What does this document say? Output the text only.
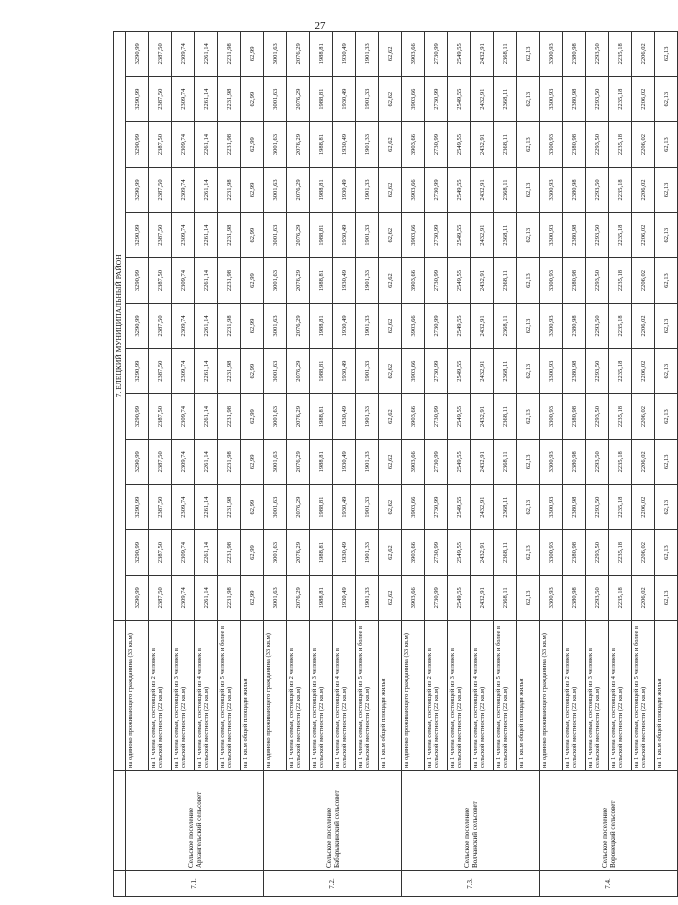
27
			7. ЕЛЕЦКИЙ МУНИЦИПАЛЬНЫЙ РАЙОН												
7.1.	Сельское поселение Архангельский сельсовет	на одиноко проживающего гражданина (33 кв.м)	3290,99	3290,99	3290,99	3290,99	3290,99	3290,99	3290,99	3290,99	3290,99	3290,99	3290,99	3290,99	3290,99
		на 1 члена семьи, состоящей из 2 человек в сельской местности (22 кв.м)	2387,50	2387,50	2387,50	2387,50	2387,50	2387,50	2387,50	2387,50	2387,50	2387,50	2387,50	2387,50	2387,50
		на 1 члена семьи, состоящей из 3 человек в сельской местности (22 кв.м)	2309,74	2309,74	2309,74	2309,74	2309,74	2309,74	2309,74	2309,74	2309,74	2309,74	2309,74	2309,74	2309,74
		на 1 члена семьи, состоящей из 4 человек в сельской местности (22 кв.м)	2261,14	2261,14	2261,14	2261,14	2261,14	2261,14	2261,14	2261,14	2261,14	2261,14	2261,14	2261,14	2261,14
		на 1 члена семьи, состоящей из 5 человек и более в сельской местности (22 кв.м)	2231,98	2231,98	2231,98	2231,98	2231,98	2231,98	2231,98	2231,98	2231,98	2231,98	2231,98	2231,98	2231,98
		на 1 кв.м общей площади жилья	62,99	62,99	62,99	62,99	62,99	62,99	62,99	62,99	62,99	62,99	62,99	62,99	62,99
7.2.	Сельское поселение Бабарыкинский сельсовет	на одиноко проживающего гражданина (33 кв.м)	3001,63	3001,63	3001,63	3001,63	3001,63	3001,63	3001,63	3001,63	3001,63	3001,63	3001,63	3001,63	3001,63
		на 1 члена семьи, состоящей из 2 человек в сельской местности (22 кв.м)	2076,29	2076,29	2076,29	2076,29	2076,29	2076,29	2076,29	2076,29	2076,29	2076,29	2076,29	2076,29	2076,29
		на 1 члена семьи, состоящей из 3 человек в сельской местности (22 кв.м)	1988,81	1988,81	1988,81	1988,81	1988,81	1988,81	1988,81	1988,81	1988,81	1988,81	1988,81	1988,81	1988,81
		на 1 члена семьи, состоящей из 4 человек в сельской местности (22 кв.м)	1930,49	1930,49	1930,49	1930,49	1930,49	1930,49	1930,49	1930,49	1930,49	1930,49	1930,49	1930,49	1930,49
		на 1 члена семьи, состоящей из 5 человек и более в сельской местности (22 кв.м)	1901,33	1901,33	1901,33	1901,33	1901,33	1901,33	1901,33	1901,33	1901,33	1901,33	1901,33	1901,33	1901,33
		на 1 кв.м общей площади жилья	62,62	62,62	62,62	62,62	62,62	62,62	62,62	62,62	62,62	62,62	62,62	62,62	62,62
7.3.	Сельское поселение Волчанский сельсовет	на одиноко проживающего гражданина (33 кв.м)	3903,66	3903,66	3903,66	3903,66	3903,66	3903,66	3903,66	3903,66	3903,66	3903,66	3903,66	3903,66	3903,66
		на 1 члена семьи, состоящей из 2 человек в сельской местности (22 кв.м)	2730,99	2730,99	2730,99	2730,99	2730,99	2730,99	2730,99	2730,99	2730,99	2730,99	2730,99	2730,99	2730,99
		на 1 члена семьи, состоящей из 3 человек в сельской местности (22 кв.м)	2549,55	2549,55	2549,55	2549,55	2549,55	2549,55	2549,55	2549,55	2549,55	2549,55	2549,55	2549,55	2549,55
		на 1 члена семьи, состоящей из 4 человек в сельской местности (22 кв.м)	2432,91	2432,91	2432,91	2432,91	2432,91	2432,91	2432,91	2432,91	2432,91	2432,91	2432,91	2432,91	2432,91
		на 1 члена семьи, состоящей из 5 человек и более в сельской местности (22 кв.м)	2368,11	2368,11	2368,11	2368,11	2368,11	2368,11	2368,11	2368,11	2368,11	2368,11	2368,11	2368,11	2368,11
		на 1 кв.м общей площади жилья	62,13	62,13	62,13	62,13	62,13	62,13	62,13	62,13	62,13	62,13	62,13	62,13	62,13
7.4.	Сельское поселение Воронецкий сельсовет	на одиноко проживающего гражданина (33 кв.м)	3300,93	3300,93	3300,93	3300,93	3300,93	3300,93	3300,93	3300,93	3300,93	3300,93	3300,93	3300,93	3300,93
		на 1 члена семьи, состоящей из 2 человек в сельской местности (22 кв.м)	2380,98	2380,98	2380,98	2380,98	2380,98	2380,98	2380,98	2380,98	2380,98	2380,98	2380,98	2380,98	2380,98
		на 1 члена семьи, состоящей из 3 человек в сельской местности (22 кв.м)	2293,50	2293,50	2293,50	2293,50	2293,50	2293,50	2293,50	2293,50	2293,50	2293,50	2293,50	2293,50	2293,50
		на 1 члена семьи, состоящей из 4 человек в сельской местности (22 кв.м)	2235,18	2235,18	2235,18	2235,18	2235,18	2235,18	2235,18	2235,18	2235,18	2235,18	2235,18	2235,18	2235,18
		на 1 члена семьи, состоящей из 5 человек и более в сельской местности (22 кв.м)	2206,02	2206,02	2206,02	2206,02	2206,02	2206,02	2206,02	2206,02	2206,02	2206,02	2206,02	2206,02	2206,02
		на 1 кв.м общей площади жилья	62,13	62,13	62,13	62,13	62,13	62,13	62,13	62,13	62,13	62,13	62,13	62,13	62,13
